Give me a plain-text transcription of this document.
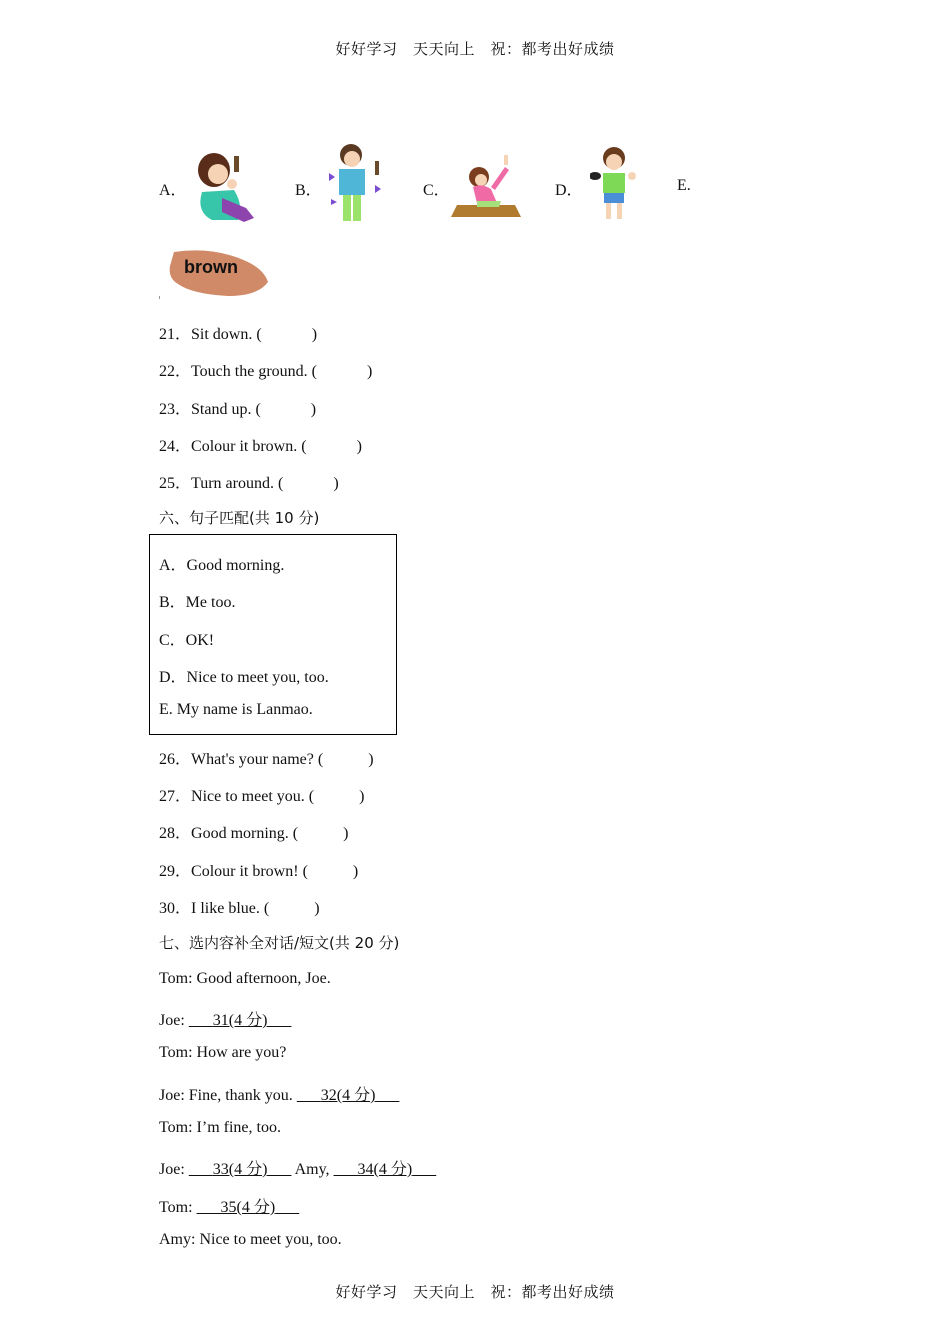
好好学习　天天向上　祝：都考出好成绩
A．	B．	C．	D．	E.
brown
21．Sit down. (	)
22．Touch the ground. (	)
23．Stand up. (	)
24．Colour it brown. (	)
25．Turn around. (	)
六、句子匹配(共 10 分)
A．Good morning.
B．Me too.
C．OK!
D．Nice to meet you, too.
E. My name is Lanmao.
26．What's your name? (	)
27．Nice to meet you. (	)
28．Good morning. (	)
29．Colour it brown! (	)
30．I like blue. (	)
七、选内容补全对话/短文(共 20 分)
Tom: Good afternoon, Joe.
Joe:       31(4 分)
Tom: How are you?
Joe: Fine, thank you.       32(4 分)
Tom: I’m fine, too.
Joe:       33(4 分)       Amy,       34(4 分)
Tom:       35(4 分)
Amy: Nice to meet you, too.
好好学习　天天向上　祝：都考出好成绩
